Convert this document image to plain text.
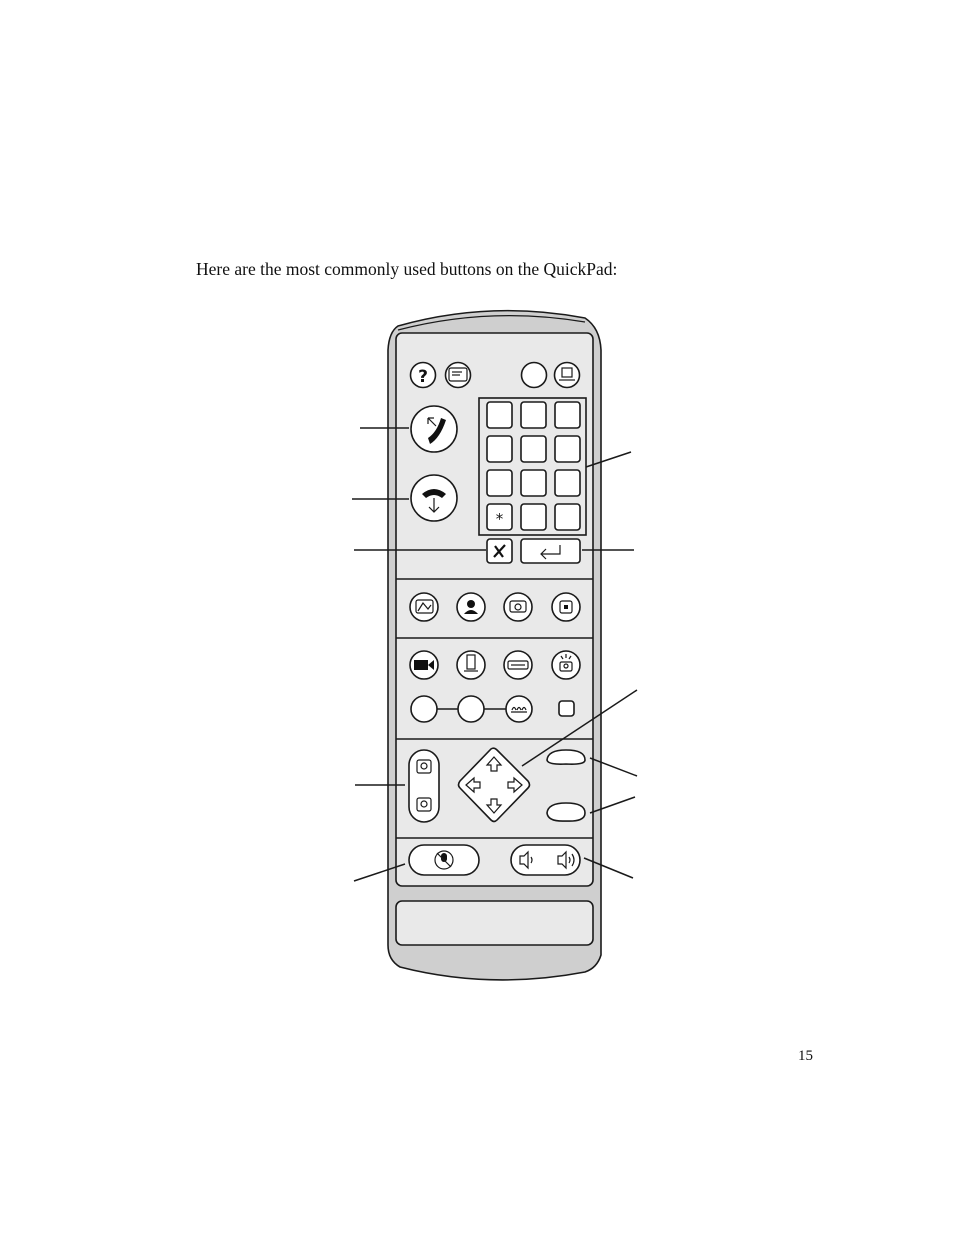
Here are the most commonly used buttons on the QuickPad:
15
?
*
